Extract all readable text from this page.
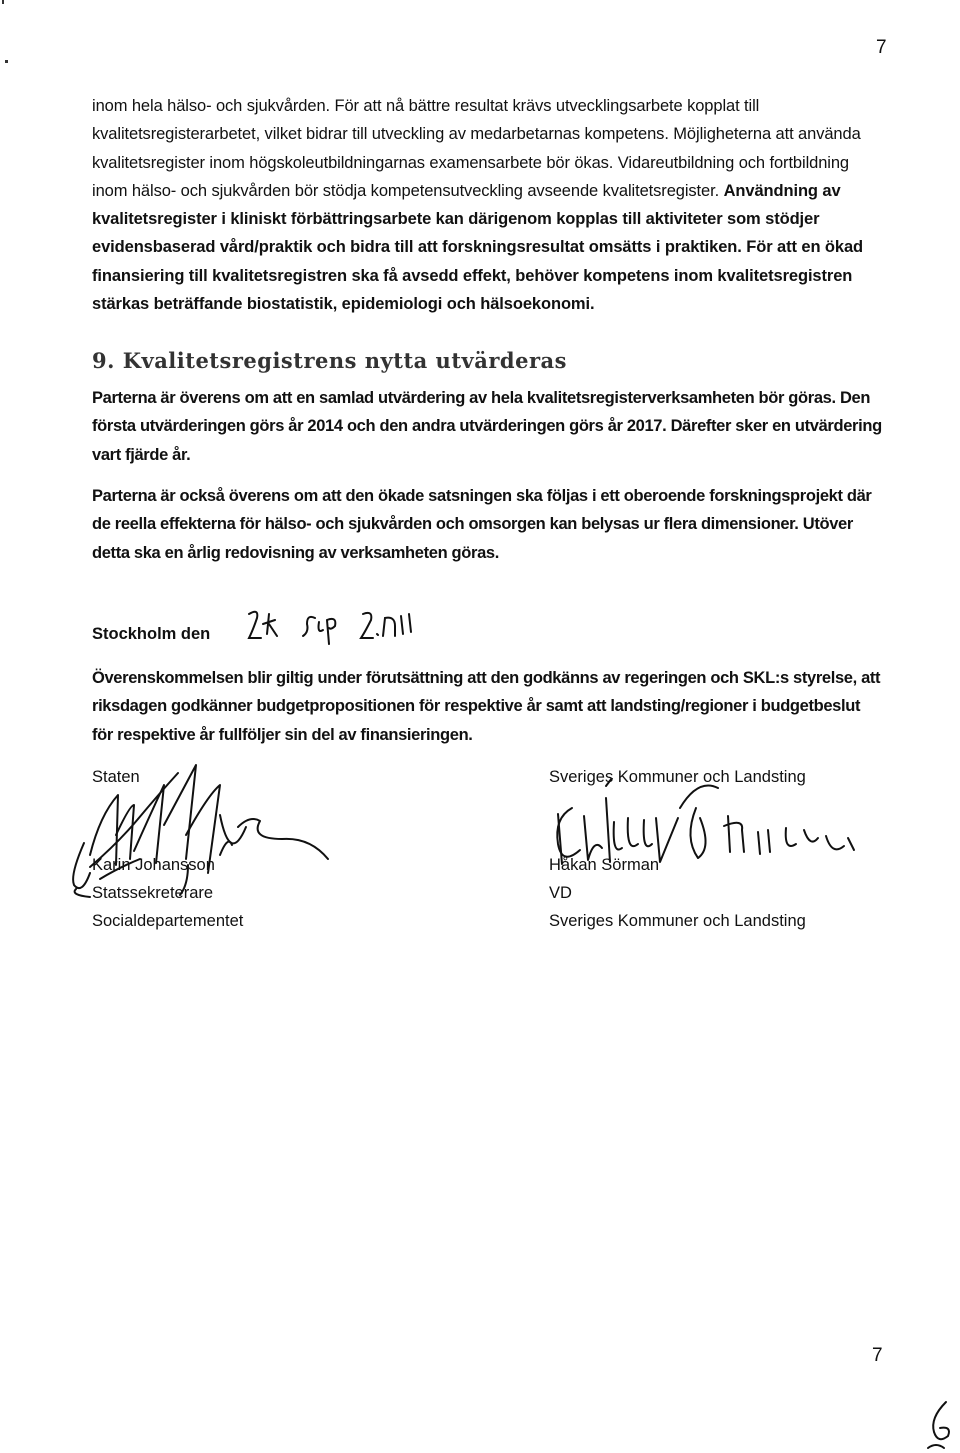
7

inom hela hälso- och sjukvården. För att nå bättre resultat krävs utvecklingsarbete kopplat till kvalitetsregisterarbetet, vilket bidrar till utveckling av medarbetarnas kompetens. Möjligheterna att använda kvalitetsregister inom högskoleutbildningarnas examensarbete bör ökas. Vidareutbildning och fortbildning inom hälso- och sjukvården bör stödja kompetensutveckling avseende kvalitetsregister. Användning av kvalitetsregister i kliniskt förbättringsarbete kan därigenom kopplas till aktiviteter som stödjer evidensbaserad vård/praktik och bidra till att forskningsresultat omsätts i praktiken. För att en ökad finansiering till kvalitetsregistren ska få avsedd effekt, behöver kompetens inom kvalitetsregistren stärkas beträffande biostatistik, epidemiologi och hälsoekonomi.

9. Kvalitetsregistrens nytta utvärderas

Parterna är överens om att en samlad utvärdering av hela kvalitetsregisterverksamheten bör göras. Den första utvärderingen görs år 2014 och den andra utvärderingen görs år 2017. Därefter sker en utvärdering vart fjärde år.

Parterna är också överens om att den ökade satsningen ska följas i ett oberoende forskningsprojekt där de reella effekterna för hälso- och sjukvården och omsorgen kan belysas ur flera dimensioner. Utöver detta ska en årlig redovisning av verksamheten göras.

Stockholm den

Överenskommelsen blir giltig under förutsättning att den godkänns av regeringen och SKL:s styrelse, att riksdagen godkänner budgetpropositionen för respektive år samt att landsting/regioner i budgetbeslut för respektive år fullföljer sin del av finansieringen.

Staten
Karin Johansson
Statssekreterare
Socialdepartementet
Sveriges Kommuner och Landsting
Håkan Sörman
VD
Sveriges Kommuner och Landsting
7
